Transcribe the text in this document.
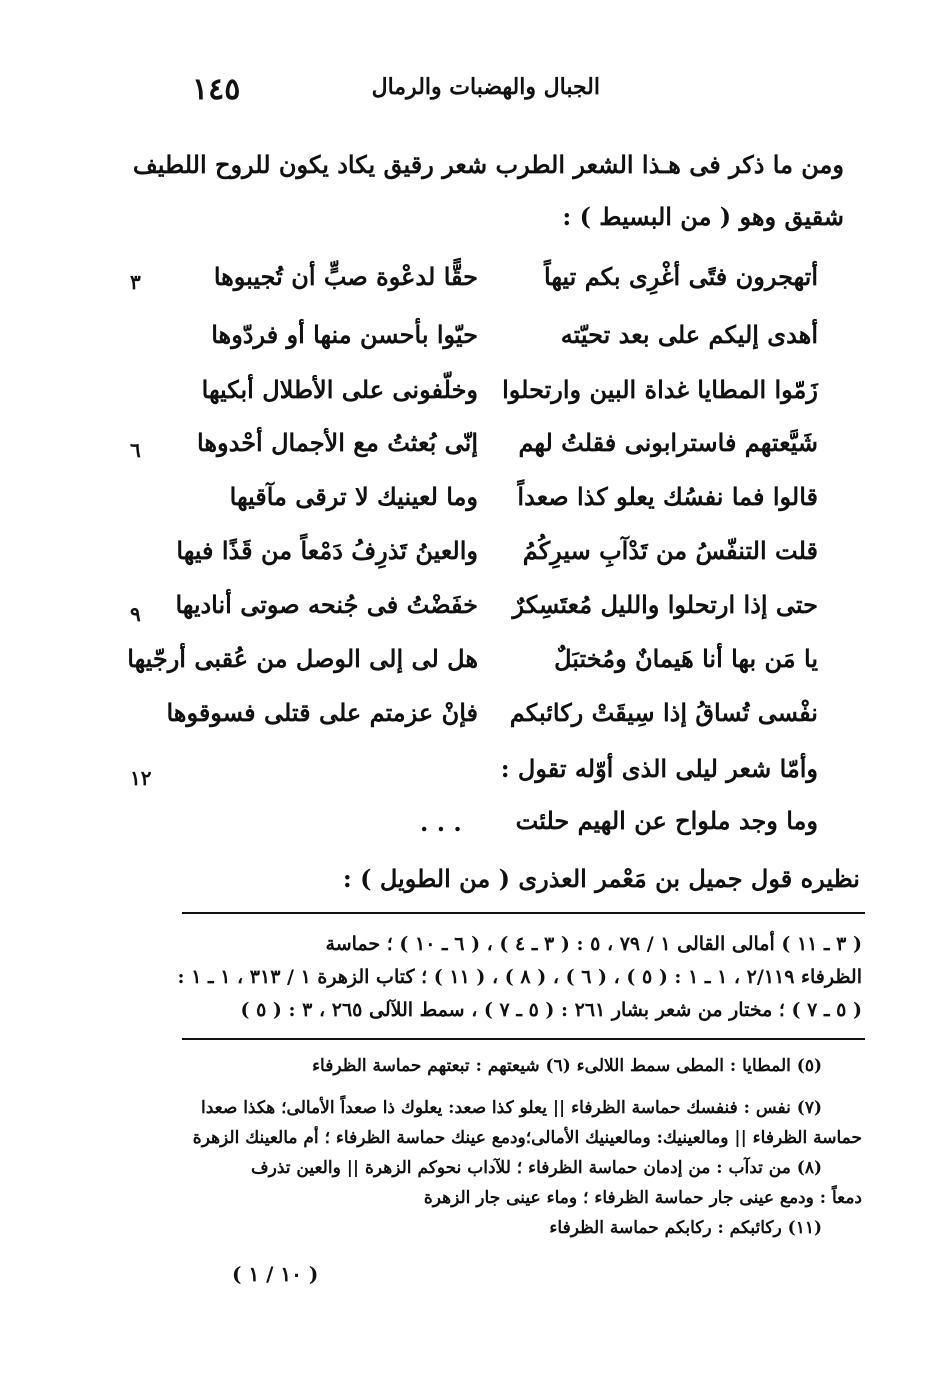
الجبال والهضبات والرمال
١٤٥
ومن ما ذكر فى هـذا الشعر الطرب شعر رقيق يكاد يكون للروح اللطيف
شقيق وهو ( من البسيط ) :
أتهجرون فتًى أغْرِى بكم تيهاً
حقًّا لدعْوة صبٍّ أن تُجيبوها
٣
أهدى إليكم على بعد تحيّته
حيّوا بأحسن منها أو فردّوها
زَمّوا المطايا غداة البين وارتحلوا
وخلّفونى على الأطلال أبكيها
شَيَّعتهم فاسترابونى فقلتُ لهم
إنّى بُعثتُ مع الأجمال أحْدوها
٦
قالوا فما نفسُك يعلو كذا صعداً
وما لعينيك لا ترقى مآقيها
قلت التنفّسُ من تَدْآبِ سيرِكُمُ
والعينُ تَذرِفُ دَمْعاً من قَذًا فيها
حتى إذا ارتحلوا والليل مُعتَسِكرٌ
خفَضْتُ فى جُنحه صوتى أناديها
٩
يا مَن بها أنا هَيمانٌ ومُختبَلٌ
هل لى إلى الوصل من عُقبى أرجّيها
نفْسى تُساقُ إذا سِيقَتْ ركائبكم
فإنْ عزمتم على قتلى فسوقوها
وأمّا شعر ليلى الذى أوّله تقول :
١٢
وما وجد ملواح عن الهيم حلئت
. . .
نظيره قول جميل بن مَعْمر العذرى ( من الطويل ) :
( ٣ ـ ١١ ) أمالى القالى ١ / ٧٩ ، ٥ : ( ٣ ـ ٤ ) ، ( ٦ ـ ١٠ ) ؛ حماسة
الظرفاء ٢/١١٩ ، ١ ـ ١ : ( ٥ ) ، ( ٦ ) ، ( ٨ ) ، ( ١١ ) ؛ كتاب الزهرة ١ / ٣١٣ ، ١ ـ ١ :
( ٥ ـ ٧ ) ؛ مختار من شعر بشار ٢٦١ : ( ٥ ـ ٧ ) ، سمط اللآلى ٢٦٥ ، ٣ : ( ٥ )
(٥) المطايا : المطى سمط اللالىء (٦) شيعتهم : تبعتهم حماسة الظرفاء
(٧) نفس : فنفسك حماسة الظرفاء || يعلو كذا صعد: يعلوك ذا صعداً الأمالى؛ هكذا صعدا
حماسة الظرفاء || ومالعينيك: ومالعينيك الأمالى؛ودمع عينك حماسة الظرفاء ؛ أم مالعينك الزهرة
(٨) من تدآب : من إدمان حماسة الظرفاء ؛ للآداب نحوكم الزهرة || والعين تذرف
دمعاً : ودمع عينى جار حماسة الظرفاء ؛ وماء عينى جار الزهرة
(١١) ركائبكم : ركابكم حماسة الظرفاء
( ١٠ / ١ )
